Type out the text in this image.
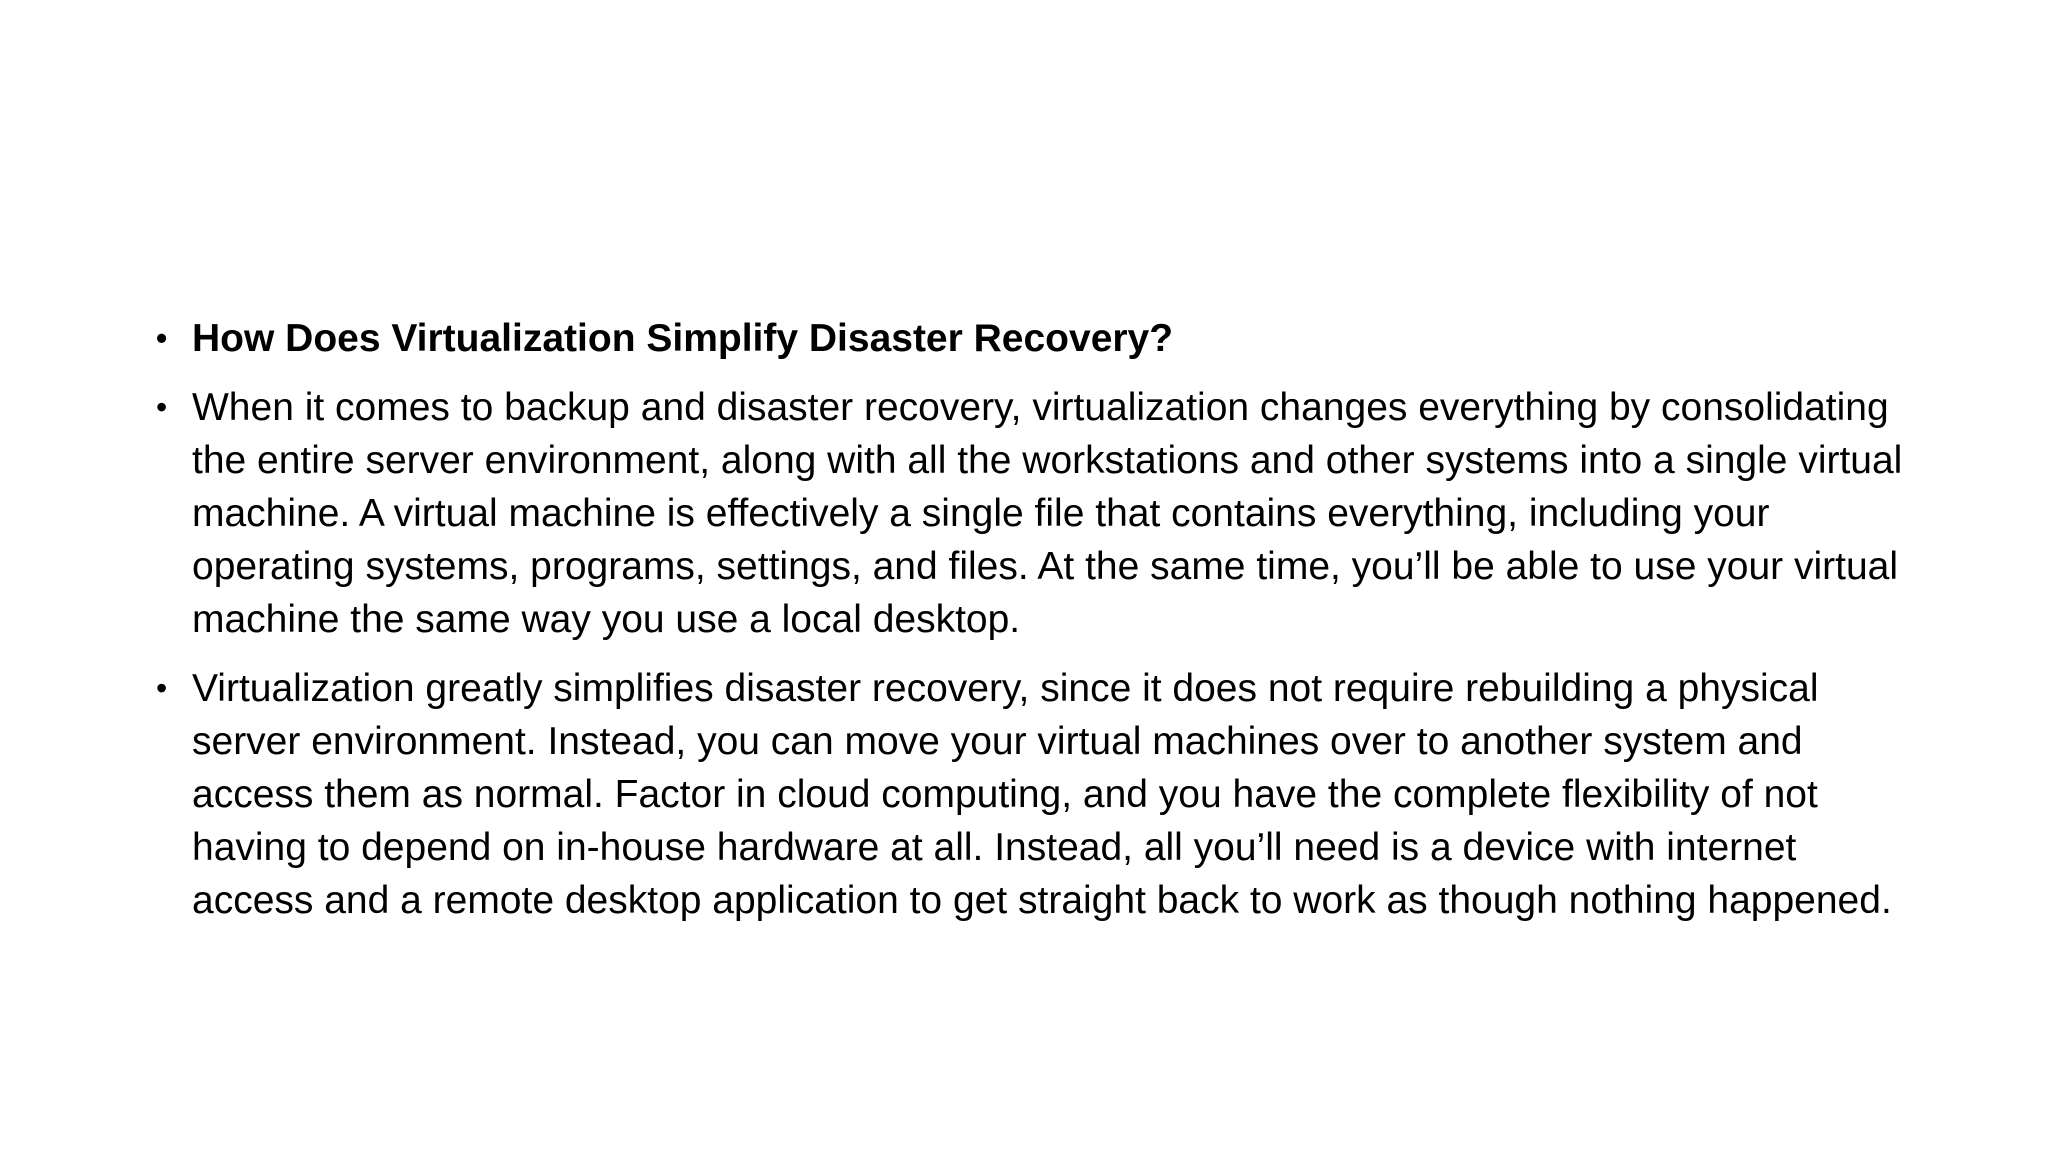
• How Does Virtualization Simplify Disaster Recovery?
• When it comes to backup and disaster recovery, virtualization changes everything by consolidating the entire server environment, along with all the workstations and other systems into a single virtual machine. A virtual machine is effectively a single file that contains everything, including your operating systems, programs, settings, and files. At the same time, you’ll be able to use your virtual machine the same way you use a local desktop.
• Virtualization greatly simplifies disaster recovery, since it does not require rebuilding a physical server environment. Instead, you can move your virtual machines over to another system and access them as normal. Factor in cloud computing, and you have the complete flexibility of not having to depend on in-house hardware at all. Instead, all you’ll need is a device with internet access and a remote desktop application to get straight back to work as though nothing happened.
